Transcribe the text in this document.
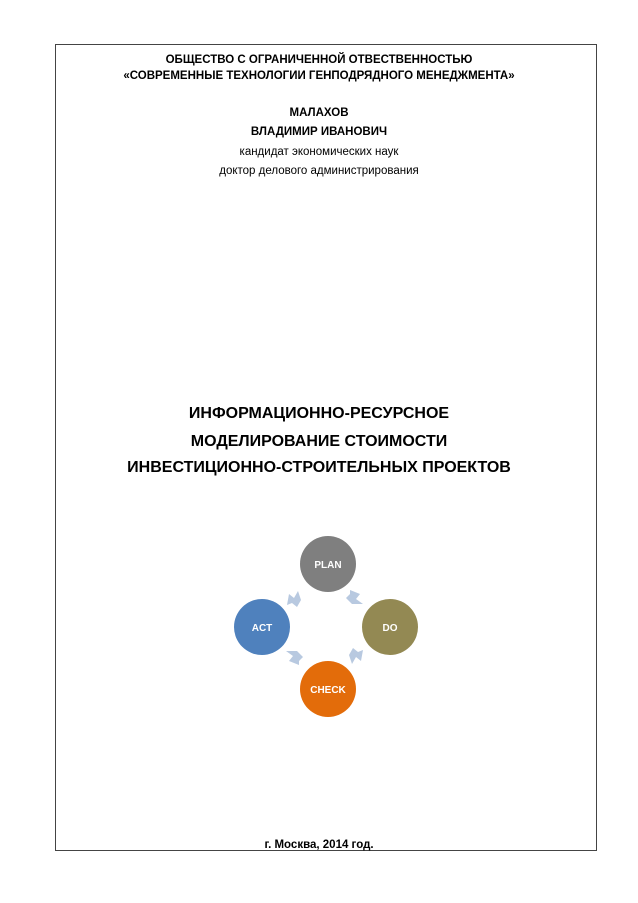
ОБЩЕСТВО С ОГРАНИЧЕННОЙ ОТВЕСТВЕННОСТЬЮ
«СОВРЕМЕННЫЕ ТЕХНОЛОГИИ ГЕНПОДРЯДНОГО МЕНЕДЖМЕНТА»
МАЛАХОВ
ВЛАДИМИР ИВАНОВИЧ
кандидат экономических наук
доктор делового администрирования
ИНФОРМАЦИОННО-РЕСУРСНОЕ
МОДЕЛИРОВАНИЕ СТОИМОСТИ
ИНВЕСТИЦИОННО-СТРОИТЕЛЬНЫХ ПРОЕКТОВ
PLAN
DO
CHECK
ACT
г. Москва, 2014 год.
